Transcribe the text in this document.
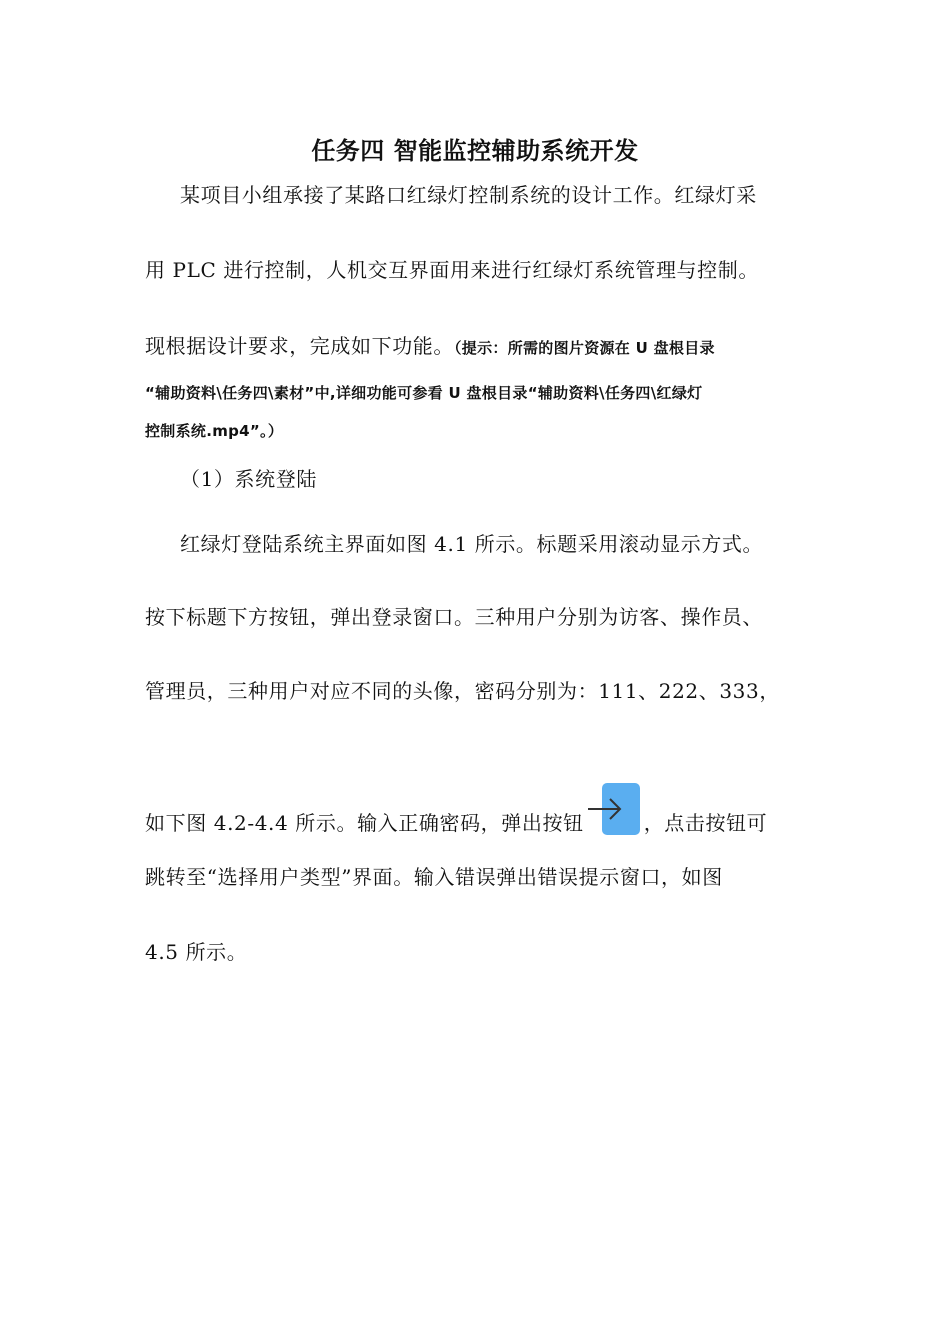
任务四 智能监控辅助系统开发
某项目小组承接了某路口红绿灯控制系统的设计工作。红绿灯采
用 PLC 进行控制，人机交互界面用来进行红绿灯系统管理与控制。
现根据设计要求，完成如下功能。（提示：所需的图片资源在 U 盘根目录
“辅助资料\任务四\素材”中,详细功能可参看 U 盘根目录“辅助资料\任务四\红绿灯
控制系统.mp4”。）
（1）系统登陆
红绿灯登陆系统主界面如图 4.1 所示。标题采用滚动显示方式。
按下标题下方按钮，弹出登录窗口。三种用户分别为访客、操作员、
管理员，三种用户对应不同的头像，密码分别为：111、222、333，
如下图 4.2-4.4 所示。输入正确密码，弹出按钮	，点击按钮可
跳转至“选择用户类型”界面。输入错误弹出错误提示窗口，如图
4.5 所示。
